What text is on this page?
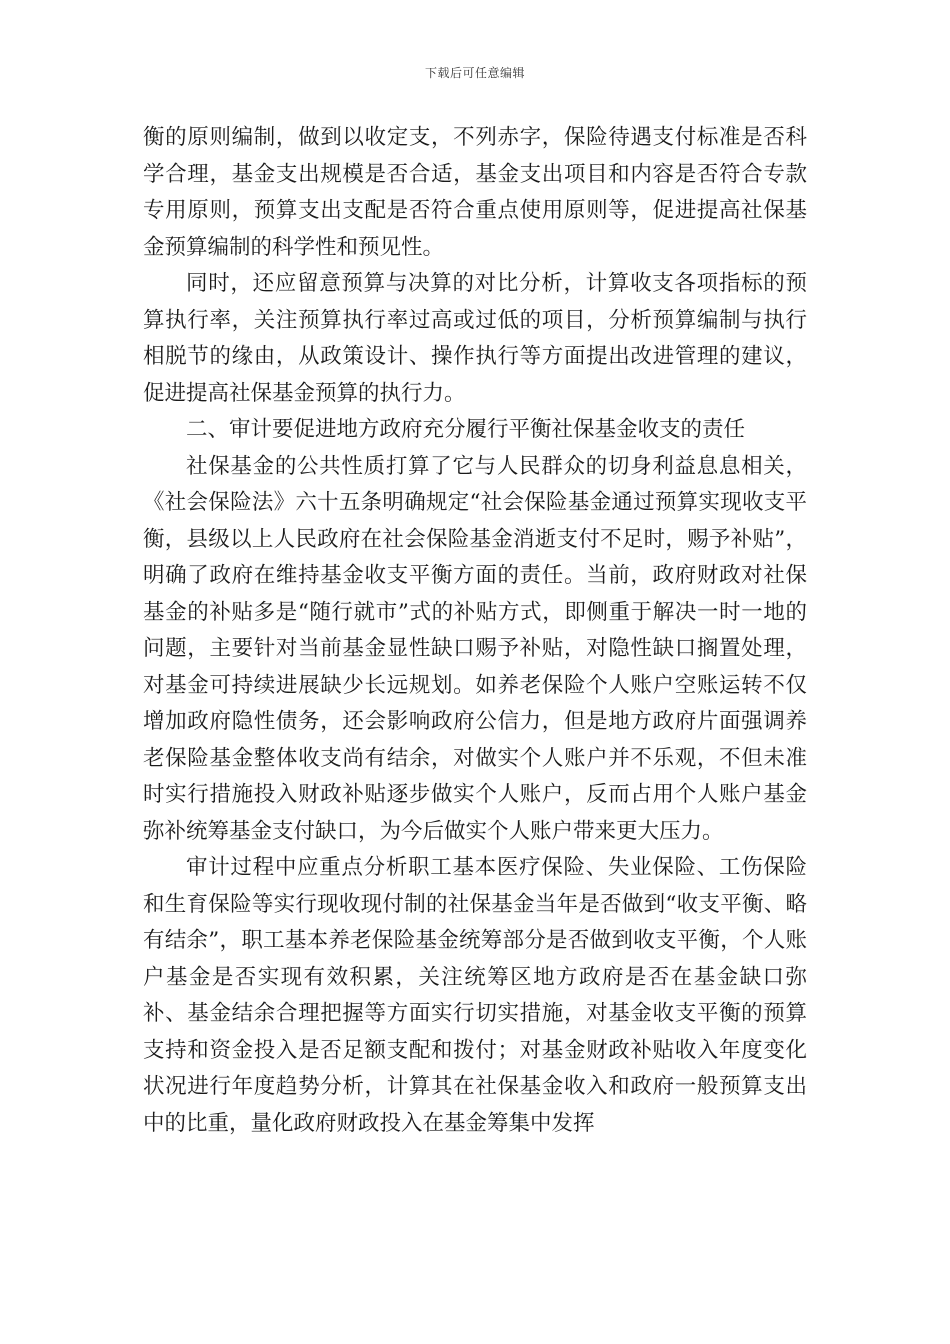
下载后可任意编辑

衡的原则编制，做到以收定支，不列赤字，保险待遇支付标准是否科学合理，基金支出规模是否合适，基金支出项目和内容是否符合专款专用原则，预算支出支配是否符合重点使用原则等，促进提高社保基金预算编制的科学性和预见性。

同时，还应留意预算与决算的对比分析，计算收支各项指标的预算执行率，关注预算执行率过高或过低的项目，分析预算编制与执行相脱节的缘由，从政策设计、操作执行等方面提出改进管理的建议，促进提高社保基金预算的执行力。

二、审计要促进地方政府充分履行平衡社保基金收支的责任

社保基金的公共性质打算了它与人民群众的切身利益息息相关，《社会保险法》六十五条明确规定“社会保险基金通过预算实现收支平衡，县级以上人民政府在社会保险基金消逝支付不足时，赐予补贴”，明确了政府在维持基金收支平衡方面的责任。当前，政府财政对社保基金的补贴多是“随行就市”式的补贴方式，即侧重于解决一时一地的问题，主要针对当前基金显性缺口赐予补贴，对隐性缺口搁置处理，对基金可持续进展缺少长远规划。如养老保险个人账户空账运转不仅增加政府隐性债务，还会影响政府公信力，但是地方政府片面强调养老保险基金整体收支尚有结余，对做实个人账户并不乐观，不但未准时实行措施投入财政补贴逐步做实个人账户，反而占用个人账户基金弥补统筹基金支付缺口，为今后做实个人账户带来更大压力。

审计过程中应重点分析职工基本医疗保险、失业保险、工伤保险和生育保险等实行现收现付制的社保基金当年是否做到“收支平衡、略有结余”，职工基本养老保险基金统筹部分是否做到收支平衡，个人账户基金是否实现有效积累，关注统筹区地方政府是否在基金缺口弥补、基金结余合理把握等方面实行切实措施，对基金收支平衡的预算支持和资金投入是否足额支配和拨付；对基金财政补贴收入年度变化状况进行年度趋势分析，计算其在社保基金收入和政府一般预算支出中的比重，量化政府财政投入在基金筹集中发挥
